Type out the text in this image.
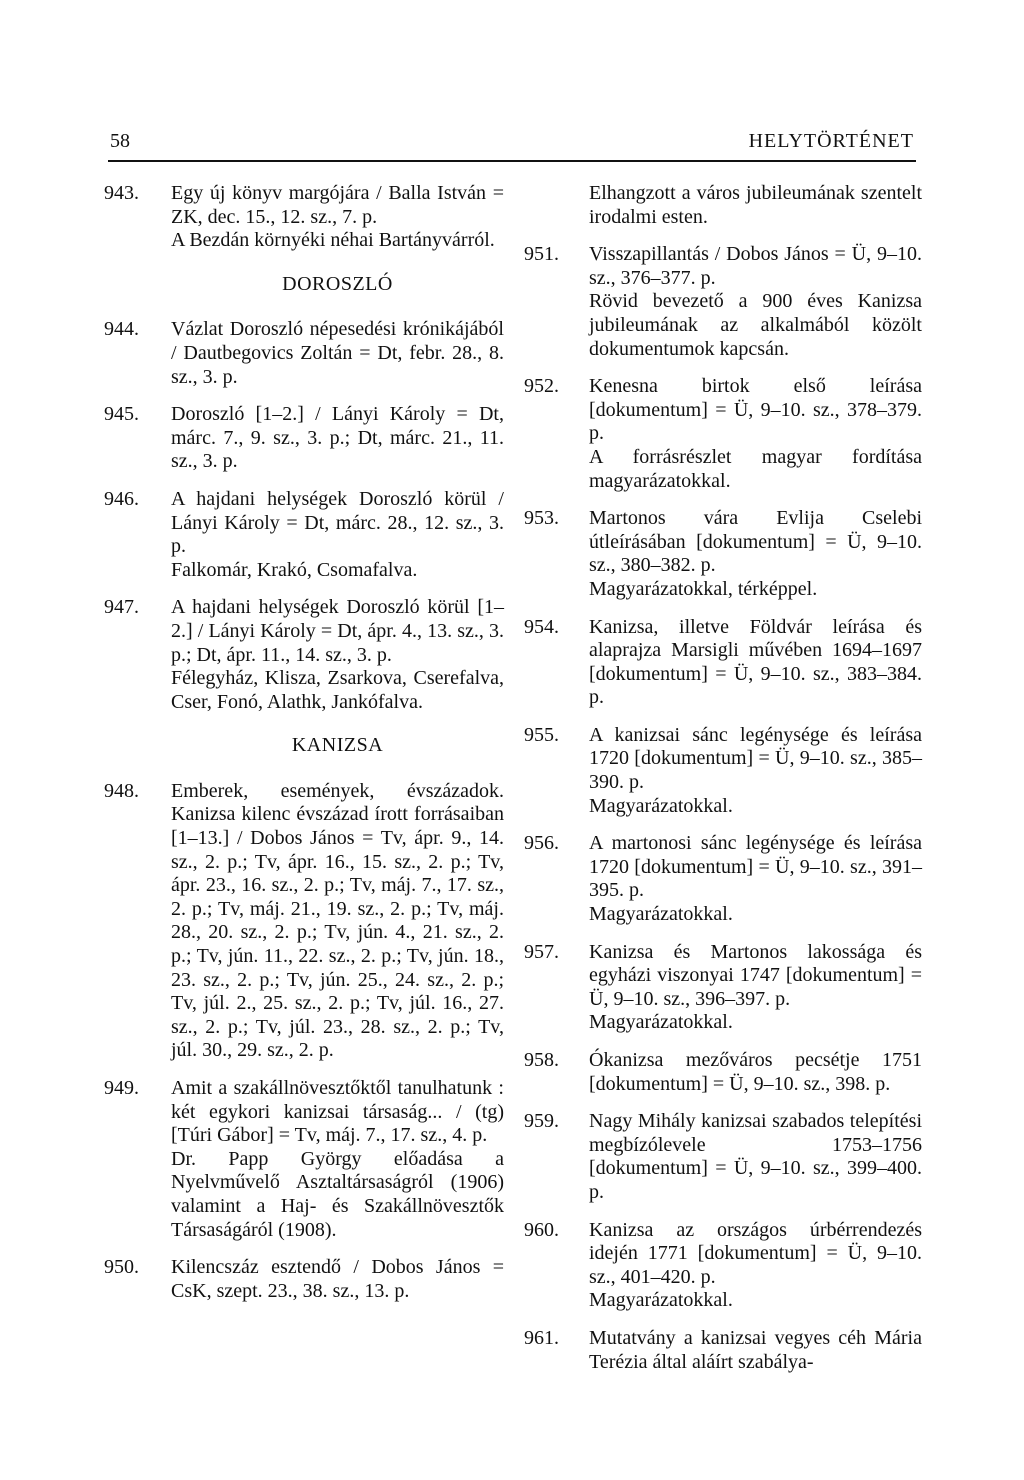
58	HELYTÖRTÉNET
943.	Egy új könyv margójára / Balla István = ZK, dec. 15., 12. sz., 7. p.

A Bezdán környéki néhai Bartányvárról.

DOROSZLÓ
944.	Vázlat Doroszló népesedési krónikájából / Dautbegovics Zoltán = Dt, febr. 28., 8. sz., 3. p.

945.	Doroszló [1–2.] / Lányi Károly = Dt, márc. 7., 9. sz., 3. p.; Dt, márc. 21., 11. sz., 3. p.

946.	A hajdani helységek Doroszló körül / Lányi Károly = Dt, márc. 28., 12. sz., 3. p.

Falkomár, Krakó, Csomafalva.

947.	A hajdani helységek Doroszló körül [1–2.] / Lányi Károly = Dt, ápr. 4., 13. sz., 3. p.; Dt, ápr. 11., 14. sz., 3. p.

Félegyház, Klisza, Zsarkova, Cserefalva, Cser, Fonó, Alathk, Jankófalva.

KANIZSA
948.	Emberek, események, évszázadok. Kanizsa kilenc évszázad írott forrásaiban [1–13.] / Dobos János = Tv, ápr. 9., 14. sz., 2. p.; Tv, ápr. 16., 15. sz., 2. p.; Tv, ápr. 23., 16. sz., 2. p.; Tv, máj. 7., 17. sz., 2. p.; Tv, máj. 21., 19. sz., 2. p.; Tv, máj. 28., 20. sz., 2. p.; Tv, jún. 4., 21. sz., 2. p.; Tv, jún. 11., 22. sz., 2. p.; Tv, jún. 18., 23. sz., 2. p.; Tv, jún. 25., 24. sz., 2. p.; Tv, júl. 2., 25. sz., 2. p.; Tv, júl. 16., 27. sz., 2. p.; Tv, júl. 23., 28. sz., 2. p.; Tv, júl. 30., 29. sz., 2. p.

949.	Amit a szakállnövesztőktől tanulhatunk : két egykori kanizsai társaság... / (tg) [Túri Gábor] = Tv, máj. 7., 17. sz., 4. p.

Dr. Papp György előadása a Nyelvművelő Asztaltársaságról (1906) valamint a Haj- és Szakállnövesztők Társaságáról (1908).

950.	Kilencszáz esztendő / Dobos János = CsK, szept. 23., 38. sz., 13. p.

Elhangzott a város jubileumának szentelt irodalmi esten.

951.	Visszapillantás / Dobos János = Ü, 9–10. sz., 376–377. p.

Rövid bevezető a 900 éves Kanizsa jubileumának az alkalmából közölt dokumentumok kapcsán.

952.	Kenesna birtok első leírása [dokumentum] = Ü, 9–10. sz., 378–379. p.

A forrásrészlet magyar fordítása magyarázatokkal.

953.	Martonos vára Evlija Cselebi útleírásában [dokumentum] = Ü, 9–10. sz., 380–382. p.

Magyarázatokkal, térképpel.

954.	Kanizsa, illetve Földvár leírása és alaprajza Marsigli művében 1694–1697 [dokumentum] = Ü, 9–10. sz., 383–384. p.

955.	A kanizsai sánc legénysége és leírása 1720 [dokumentum] = Ü, 9–10. sz., 385–390. p.

Magyarázatokkal.

956.	A martonosi sánc legénysége és leírása 1720 [dokumentum] = Ü, 9–10. sz., 391–395. p.

Magyarázatokkal.

957.	Kanizsa és Martonos lakossága és egyházi viszonyai 1747 [dokumentum] = Ü, 9–10. sz., 396–397. p.

Magyarázatokkal.

958.	Ókanizsa mezőváros pecsétje 1751 [dokumentum] = Ü, 9–10. sz., 398. p.

959.	Nagy Mihály kanizsai szabados telepítési megbízólevele 1753–1756 [dokumentum] = Ü, 9–10. sz., 399–400. p.

960.	Kanizsa az országos úrbérrendezés idején 1771 [dokumentum] = Ü, 9–10. sz., 401–420. p.

Magyarázatokkal.

961.	Mutatvány a kanizsai vegyes céh Mária Terézia által aláírt szabálya-
